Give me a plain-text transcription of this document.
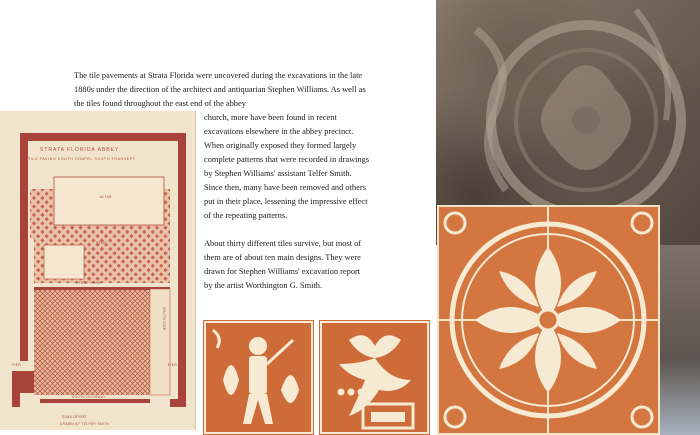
The tile pavements at Strata Florida were uncovered during the excavations in the late 1880s under the direction of the architect and antiquarian Stephen Williams. As well as the tiles found throughout the east end of the abbey

church, more have been found in recent excavations elsewhere in the abbey precinct. When originally exposed they formed largely complete patterns that were recorded in drawings by Stephen Williams' assistant Telfer Smith. Since then, many have been removed and others put in their place, lessening the impressive effect of the repeating patterns.

About thirty different tiles survive, but most of them are of about ten main designs. They were drawn for Stephen Williams' excavation report by the artist Worthington G. Smith.

STRATA FLORIDA ABBEY
TILE PAVING SOUTH CHAPEL SOUTH TRANSEPT
ALTAR
STEP
STONE CURB
PIER	PIER
SOUTH SIDE
SOUTH DOORWAY
WEST WALL
SCALE OF FEET
DRAWN BY TELFER SMITH
